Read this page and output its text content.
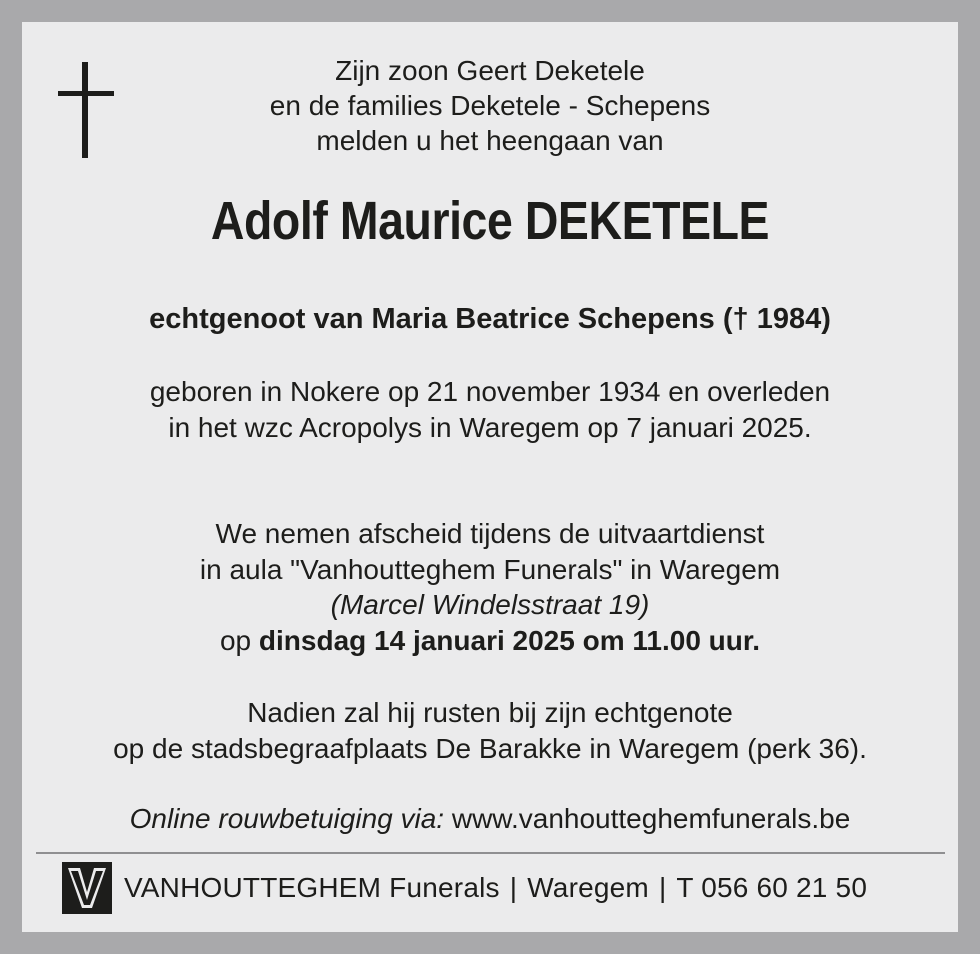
Zijn zoon Geert Deketele
en de families Deketele - Schepens
melden u het heengaan van
Adolf Maurice DEKETELE
echtgenoot van Maria Beatrice Schepens († 1984)
geboren in Nokere op 21 november 1934 en overleden
in het wzc Acropolys in Waregem op 7 januari 2025.
We nemen afscheid tijdens de uitvaartdienst
in aula "Vanhoutteghem Funerals" in Waregem
(Marcel Windelsstraat 19)
op dinsdag 14 januari 2025 om 11.00 uur.
Nadien zal hij rusten bij zijn echtgenote
op de stadsbegraafplaats De Barakke in Waregem (perk 36).
Online rouwbetuiging via: www.vanhoutteghemfunerals.be
VANHOUTTEGHEM Funerals | Waregem | T 056 60 21 50
